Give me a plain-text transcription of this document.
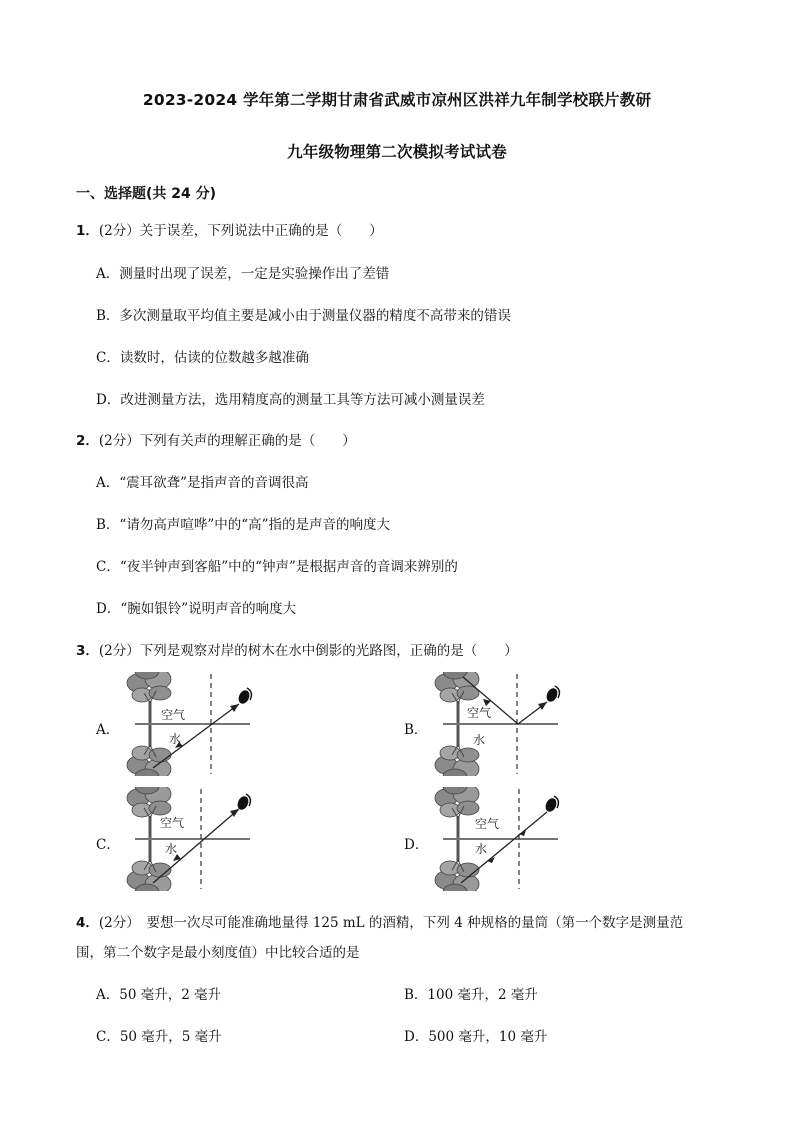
2023-2024 学年第二学期甘肃省武威市凉州区洪祥九年制学校联片教研
九年级物理第二次模拟考试试卷
一、选择题(共 24 分)
1．(2分）关于误差，下列说法中正确的是（　　）
A．测量时出现了误差，一定是实验操作出了差错
B．多次测量取平均值主要是减小由于测量仪器的精度不高带来的错误
C．读数时，估读的位数越多越准确
D．改进测量方法，选用精度高的测量工具等方法可减小测量误差
2．(2分）下列有关声的理解正确的是（　　）
A．“震耳欲聋”是指声音的音调很高
B．“请勿高声喧哗”中的“高”指的是声音的响度大
C．“夜半钟声到客船”中的“钟声”是根据声音的音调来辨别的
D．“腕如银铃”说明声音的响度大
3．(2分）下列是观察对岸的树木在水中倒影的光路图，正确的是（　　）
A．	B．
C．	D．
空气
水
空气
水
空气
水
空气
水
4．(2分）　要想一次尽可能准确地量得 125 mL 的酒精，下列 4 种规格的量筒（第一个数字是测量范
围，第二个数字是最小刻度值）中比较合适的是
A．50 毫升，2 毫升	B．100 毫升，2 毫升
C．50 毫升，5 毫升	D．500 毫升，10 毫升
